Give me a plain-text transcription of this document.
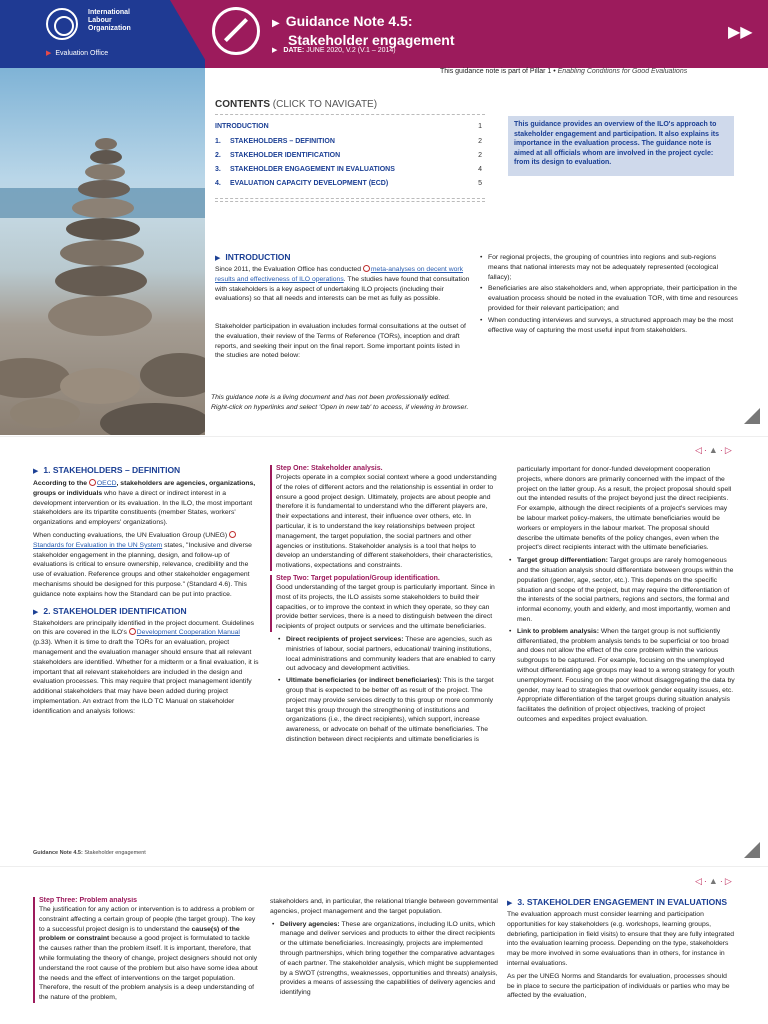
International
Labour
Organization
▶ Evaluation Office
▶ Guidance Note 4.5:
Stakeholder engagement
▶ DATE: JUNE 2020, V.2 (V.1 – 2014)
▶▶
This guidance note is part of Pillar 1 • Enabling Conditions for Good Evaluations
CONTENTS (CLICK TO NAVIGATE)
INTRODUCTION	1
1. STAKEHOLDERS – DEFINITION	2
2. STAKEHOLDER IDENTIFICATION	2
3. STAKEHOLDER ENGAGEMENT IN EVALUATIONS	4
4. EVALUATION CAPACITY DEVELOPMENT (ECD)	5
This guidance provides an overview of the ILO's approach to stakeholder engagement and participation. It also explains its importance in the evaluation process. The guidance note is aimed at all officials whom are involved in the project cycle: from its design to evaluation.
▶ INTRODUCTION
Since 2011, the Evaluation Office has conducted meta-analyses on decent work results and effectiveness of ILO operations. The studies have found that consultation with stakeholders is a key aspect of undertaking ILO projects (including their evaluations) so that all needs and interests can be met as fully as possible.
Stakeholder participation in evaluation includes formal consultations at the outset of the evaluation, their review of the Terms of Reference (TORs), inception and draft reports, and seeking their input on the final report. Some important points listed in the studies are noted below:
• For regional projects, the grouping of countries into regions and sub-regions means that national interests may not be adequately represented (ecological fallacy);
• Beneficiaries are also stakeholders and, when appropriate, their participation in the evaluation process should be noted in the evaluation TOR, with time and resources provided for their relevant participation; and
• When conducting interviews and surveys, a structured approach may be the most effective way of capturing the most useful input from stakeholders.
This guidance note is a living document and has not been professionally edited.
Right-click on hyperlinks and select 'Open in new tab' to access, if viewing in browser.
◁·▲·▷
▶ 1. STAKEHOLDERS – DEFINITION
According to the OECD, stakeholders are agencies, organizations, groups or individuals who have a direct or indirect interest in a development intervention or its evaluation. In the ILO, the most important stakeholders are its tripartite constituents (member States, workers' organizations and employers' organizations).
When conducting evaluations, the UN Evaluation Group (UNEG) Standards for Evaluation in the UN System states, "Inclusive and diverse stakeholder engagement in the planning, design, and follow-up of evaluations is critical to ensure ownership, relevance, credibility and the use of evaluation. Reference groups and other stakeholder engagement mechanisms should be designed for this purpose." (Standard 4.6). This guidance note explains how the Standard can be put into practice.
▶ 2. STAKEHOLDER IDENTIFICATION
Stakeholders are principally identified in the project document. Guidelines on this are covered in the ILO's Development Cooperation Manual (p.33). When it is time to draft the TORs for an evaluation, project management and the evaluation manager should ensure that all relevant stakeholders are identified. Whether for a midterm or a final evaluation, it is important that all relevant stakeholders are included in the design and evaluation processes. This may require that project management identify additional stakeholders that may have been added during project implementation. An extract from the ILO TC Manual on stakeholder identification and analysis follows:
Step One: Stakeholder analysis.
Projects operate in a complex social context where a good understanding of the roles of different actors and the relationship is essential in order to ensure a good project design. Ultimately, projects are about people and therefore it is fundamental to understand who the different players are, their expectations and interest, their influence over others, etc. In particular, it is to understand the key relationships between project management, the target population, the social partners and other agencies or institutions. Stakeholder analysis is a tool that helps to develop an understanding of different stakeholders, their characteristics, motivations, expectations and constraints.
Step Two: Target population/Group identification.
Good understanding of the target group is particularly important. Since in most of its projects, the ILO assists some stakeholders to build their capacities, or to improve the context in which they operate, so they can provide better services, there is a need to distinguish between the direct recipients of project outputs or services and the ultimate beneficiaries.
• Direct recipients of project services: These are agencies, such as ministries of labour, social partners, educational/ training institutions, local administrations and community leaders that are enabled to carry out advocacy and development activities.
• Ultimate beneficiaries (or indirect beneficiaries): This is the target group that is expected to be better off as result of the project. The project may provide services directly to this group or more commonly target this group through the strengthening of institutions and organizations (i.e., the direct recipients), which support, increase awareness, or advocate on behalf of the ultimate beneficiaries. The distinction between direct recipients and ultimate beneficiaries is
particularly important for donor-funded development cooperation projects, where donors are primarily concerned with the impact of the project on the latter group. As a result, the project proposal should spell out the intended results of the project beyond just the direct recipients. For example, although the direct recipients of a project's services may be labour market policy-makers, the ultimate beneficiaries would be workers or employers in the labour market. The proposal should describe the ultimate benefits of the policy changes, even when the project's direct recipients interact with the ultimate beneficiaries.
• Target group differentiation: Target groups are rarely homogeneous and the situation analysis should differentiate between groups within the population (gender, age, sector, etc.). This depends on the specific situation and scope of the project, but may require the differentiation of the interests of the social partners, regions and sectors, the formal and informal economy, youth and elderly, and most importantly, women and men.
• Link to problem analysis: When the target group is not sufficiently differentiated, the problem analysis tends to be superficial or too broad and does not allow the effect of the core problem within the various subgroups to be captured. For example, focusing on the unemployed without differentiating age groups may lead to a wrong strategy for youth unemployment. Focusing on the poor without disaggregating the data by gender, may lead to strategies that overlook gender equality issues, etc. Appropriate differentiation of the target groups during situation analysis facilitates the definition of project objectives, tracking of project outcomes and expedites project evaluation.
Guidance Note 4.5: Stakeholder engagement
◁·▲·▷
Step Three: Problem analysis
The justification for any action or intervention is to address a problem or constraint affecting a certain group of people (the target group). The key to a successful project design is to understand the cause(s) of the problem or constraint because a good project is formulated to tackle the causes rather than the problem itself. It is important, therefore, that while formulating the theory of change, project designers should not only understand the root cause of the problem but also have some idea about the needs and the effect of interventions on the target population. Therefore, the result of the problem analysis is a deep understanding of the nature of the problem,
stakeholders and, in particular, the relational triangle between governmental agencies, project management and the target population.
• Delivery agencies: These are organizations, including ILO units, which manage and deliver services and products to either the direct recipients or the ultimate beneficiaries. Increasingly, projects are implemented through partnerships, which bring together the comparative advantages of each partner. The stakeholder analysis, which might be supplemented by a SWOT (strengths, weaknesses, opportunities and threats) analysis, provides a means of assessing the capabilities of delivery agencies and identifying
▶ 3. STAKEHOLDER ENGAGEMENT IN EVALUATIONS
The evaluation approach must consider learning and participation opportunities for key stakeholders (e.g. workshops, learning groups, debriefing, participation in field visits) to ensure that they are fully integrated into the evaluation learning process. Depending on the type, stakeholders may be more involved in some evaluations than in others, for instance in internal evaluations.
As per the UNEG Norms and Standards for evaluation, processes should be in place to secure the participation of individuals or parties who may be affected by the evaluation,
